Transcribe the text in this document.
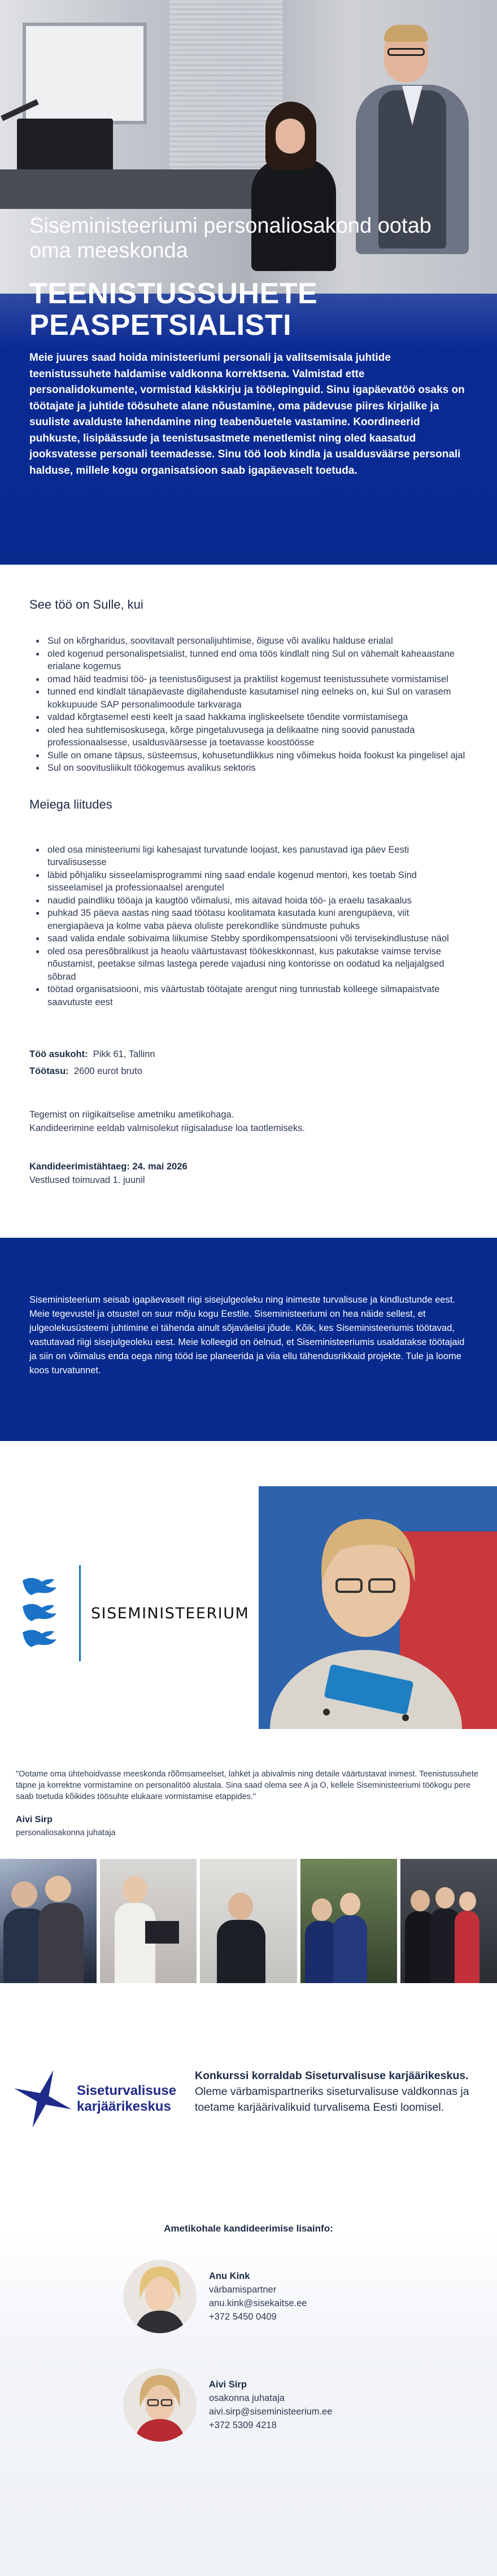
Siseministeeriumi personaliosakond ootab oma meeskonda
TEENISTUSSUHETE PEASPETSIALISTI

Meie juures saad hoida ministeeriumi personali ja valitsemisala juhtide teenistussuhete haldamise valdkonna korrektsena. Valmistad ette personalidokumente, vormistad käskkirju ja töölepinguid. Sinu igapäevatöö osaks on töötajate ja juhtide töösuhete alane nõustamine, oma pädevuse piires kirjalike ja suuliste avalduste lahendamine ning teabenõuetele vastamine. Koordineerid puhkuste, lisipäässude ja teenistusastmete menetlemist ning oled kaasatud jooksvatesse personali teemadesse. Sinu töö loob kindla ja usaldusväärse personali halduse, millele kogu organisatsioon saab igapäevaselt toetuda.

See töö on Sulle, kui
Sul on kõrgharidus, soovitavalt personalijuhtimise, õiguse või avaliku halduse erialal
oled kogenud personalispetsialist, tunned end oma töös kindlalt ning Sul on vähemalt kaheaastane erialane kogemus
omad häid teadmisi töö- ja teenistusõigusest ja praktilist kogemust teenistussuhete vormistamisel
tunned end kindlalt tänapäevaste digilahenduste kasutamisel ning eelneks on, kui Sul on varasem kokkupuude SAP personalimoodule tarkvaraga
valdad kõrgtasemel eesti keelt ja saad hakkama ingliskeelsete tõendite vormistamisega
oled hea suhtlemisoskusega, kõrge pingetaluvusega ja delikaatne ning soovid panustada professionaalsesse, usaldusväärsesse ja toetavasse koostöösse
Sulle on omane täpsus, süsteemsus, kohusetundlikkus ning võimekus hoida fookust ka pingelisel ajal
Sul on soovitusliikult töökogemus avalikus sektoris
Meiega liitudes
oled osa ministeeriumi ligi kahesajast turvatunde loojast, kes panustavad iga päev Eesti turvalisusesse
läbid põhjaliku sisseelamisprogrammi ning saad endale kogenud mentori, kes toetab Sind sisseelamisel ja professionaalsel arengutel
naudid paindliku tööaja ja kaugtöö võimalusi, mis aitavad hoida töö- ja eraelu tasakaalus
puhkad 35 päeva aastas ning saad töötasu koolitamata kasutada kuni arengupäeva, viit energiapäeva ja kolme vaba päeva oluliste perekondlike sündmuste puhuks
saad valida endale sobivaima liikumise Stebby spordikompensatsiooni või tervisekindlustuse näol
oled osa peresõbralikust ja heaolu väärtustavast töökeskkonnast, kus pakutakse vaimse tervise nõustamist, peetakse silmas lastega perede vajadusi ning kontorisse on oodatud ka neljajalgsed sõbrad
töötad organisatsiooni, mis väärtustab töötajate arengut ning tunnustab kolleege silmapaistvate saavutuste eest
Töö asukoht: Pikk 61, Tallinn
Töötasu: 2600 eurot bruto

Tegemist on riigikaitselise ametniku ametikohaga.

Kandideerimine eeldab valmisolekut riigisaladuse loa taotlemiseks.

Kandideerimistähtaeg: 24. mai 2026

Vestlused toimuvad 1. juunil

Siseministeerium seisab igapäevaselt riigi sisejulgeoleku ning inimeste turvalisuse ja kindlustunde eest. Meie tegevustel ja otsustel on suur mõju kogu Eestile. Siseministeeriumi on hea näide sellest, et julgeolekusüsteemi juhtimine ei tähenda ainult sõjaväelisi jõude. Kõik, kes Siseministeeriumis töötavad, vastutavad riigi sisejulgeoleku eest. Meie kolleegid on öelnud, et Siseministeeriumis usaldatakse töötajaid ja siin on võimalus enda oega ning tööd ise planeerida ja viia ellu tähendusrikkaid projekte. Tule ja loome koos turvatunnet.

SISEMINISTEERIUM

"Ootame oma ühtehoidvasse meeskonda rõõmsameelset, lahket ja abivalmis ning detaile väärtustavat inimest. Teenistussuhete täpne ja korrektne vormistamine on personalitöö alustalа. Sina saad olema see A ja O, kellele Siseministeeriumi töökogu pere saab toetuda kõikides töösuhte elukaare vormistamise etappides."

Aivi Sirp
personaliosakonna juhataja
Siseturvalisuse karjäärikeskus
Konkurssi korraldab Siseturvalisuse karjäärikeskus. Oleme värbamispartneriks siseturvalisuse valdkonnas ja toetame karjäärivalikuid turvalisema Eesti loomisel.
Ametikohale kandideerimise lisainfo:
Anu Kink
värbamispartner
anu.kink@sisekaitse.ee
+372 5450 0409
Aivi Sirp
osakonna juhataja
aivi.sirp@siseministeerium.ee
+372 5309 4218
